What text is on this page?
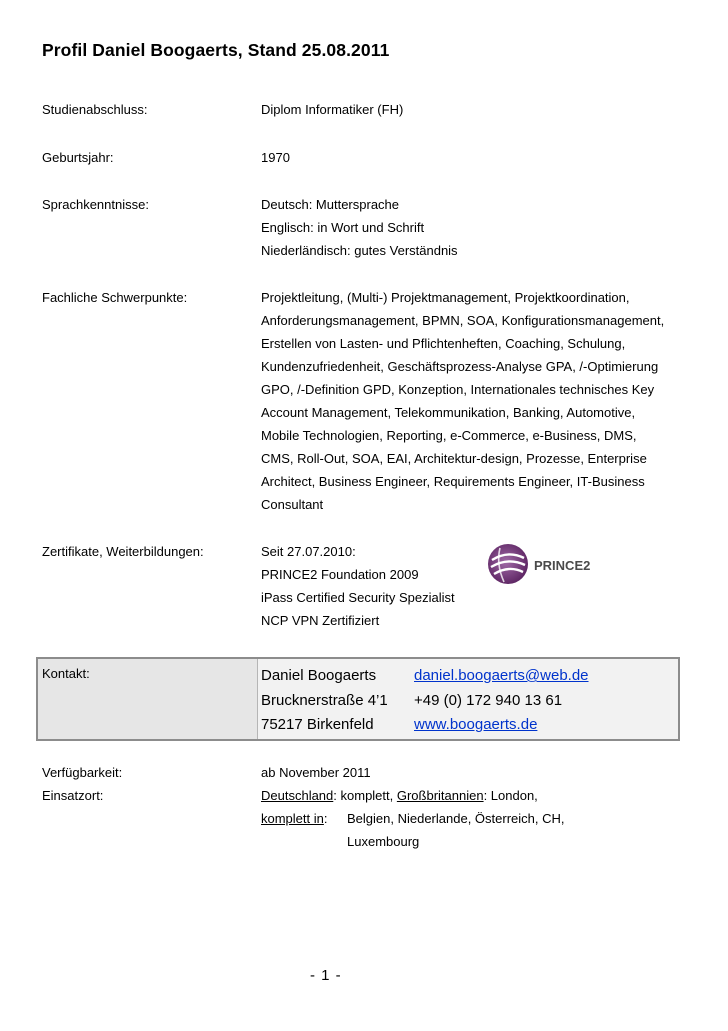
Profil Daniel Boogaerts, Stand 25.08.2011
Studienabschluss:	Diplom Informatiker (FH)
Geburtsjahr:	1970
Sprachkenntnisse:	Deutsch: Muttersprache
Englisch: in Wort und Schrift
Niederländisch: gutes Verständnis
Fachliche Schwerpunkte:	Projektleitung, (Multi-) Projektmanagement, Projektkoordination,
Anforderungsmanagement, BPMN, SOA, Konfigurationsmanagement,
Erstellen von Lasten- und Pflichtenheften, Coaching, Schulung,
Kundenzufriedenheit, Geschäftsprozess-Analyse GPA, /-Optimierung
GPO, /-Definition GPD, Konzeption, Internationales technisches Key
Account Management, Telekommunikation, Banking, Automotive,
Mobile Technologien, Reporting, e-Commerce, e-Business, DMS,
CMS, Roll-Out, SOA, EAI, Architektur-design, Prozesse, Enterprise
Architect, Business Engineer, Requirements Engineer, IT-Business
Consultant
Zertifikate, Weiterbildungen:	Seit 27.07.2010:
PRINCE2 Foundation 2009
iPass Certified Security Spezialist
NCP VPN Zertifiziert
PRINCE2
Kontakt:	Daniel Boogaerts	daniel.boogaerts@web.de
Brucknerstraße 4’1 +49 (0) 172 940 13 61
75217 Birkenfeld	www.boogaerts.de
Verfügbarkeit:	ab November 2011
Einsatzort:	Deutschland: komplett, Großbritannien: London,
komplett in: Belgien, Niederlande, Österreich, CH,
Luxembourg
- 1 -
